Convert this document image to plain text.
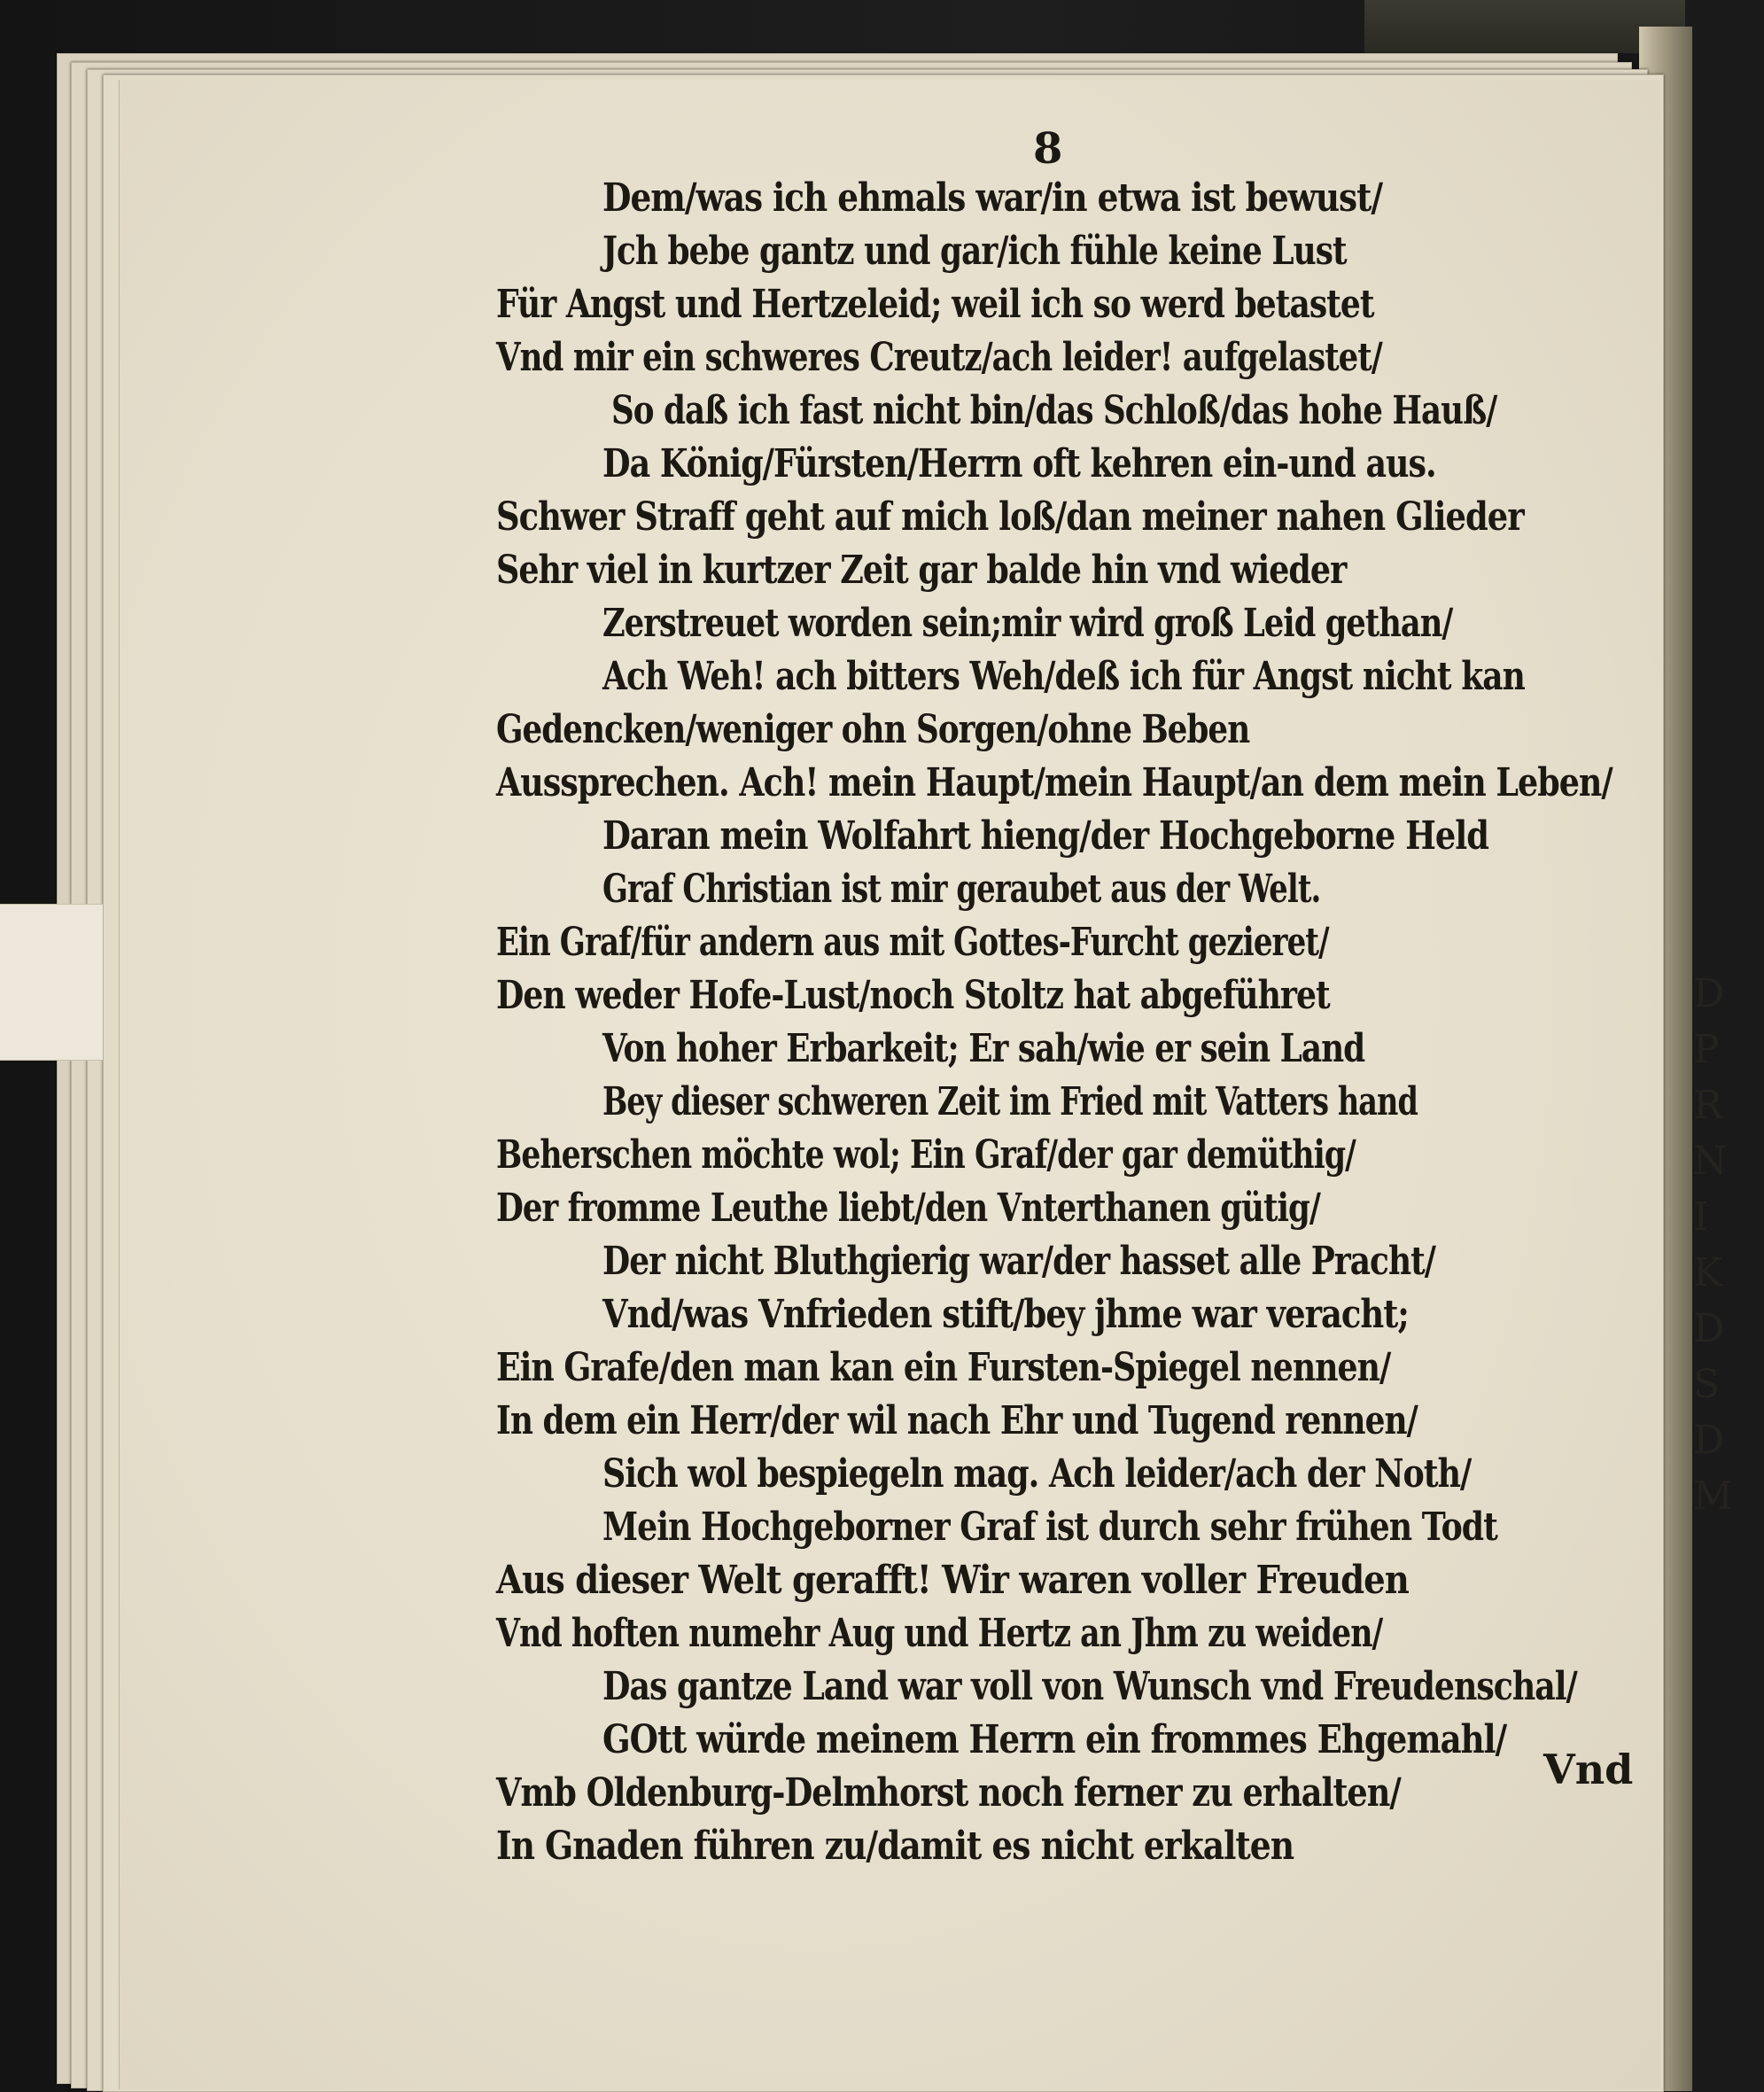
D
P
R
N
I
K
D
S
D
M
8
Dem/was ich ehmals war/in etwa ist bewust/
Jch bebe gantz und gar/ich fühle keine Lust
Für Angst und Hertzeleid; weil ich so werd betastet
Vnd mir ein schweres Creutz/ach leider! aufgelastet/
So daß ich fast nicht bin/das Schloß/das hohe Hauß/
Da König/Fürsten/Herrn oft kehren ein-und aus.
Schwer Straff geht auf mich loß/dan meiner nahen Glieder
Sehr viel in kurtzer Zeit gar balde hin vnd wieder
Zerstreuet worden sein;mir wird groß Leid gethan/
Ach Weh! ach bitters Weh/deß ich für Angst nicht kan
Gedencken/weniger ohn Sorgen/ohne Beben
Aussprechen. Ach! mein Haupt/mein Haupt/an dem mein Leben/
Daran mein Wolfahrt hieng/der Hochgeborne Held
Graf Christian ist mir geraubet aus der Welt.
Ein Graf/für andern aus mit Gottes-Furcht gezieret/
Den weder Hofe-Lust/noch Stoltz hat abgeführet
Von hoher Erbarkeit; Er sah/wie er sein Land
Bey dieser schweren Zeit im Fried mit Vatters hand
Beherschen möchte wol; Ein Graf/der gar demüthig/
Der fromme Leuthe liebt/den Vnterthanen gütig/
Der nicht Bluthgierig war/der hasset alle Pracht/
Vnd/was Vnfrieden stift/bey jhme war veracht;
Ein Grafe/den man kan ein Fursten-Spiegel nennen/
In dem ein Herr/der wil nach Ehr und Tugend rennen/
Sich wol bespiegeln mag. Ach leider/ach der Noth/
Mein Hochgeborner Graf ist durch sehr frühen Todt
Aus dieser Welt gerafft! Wir waren voller Freuden
Vnd hoften numehr Aug und Hertz an Jhm zu weiden/
Das gantze Land war voll von Wunsch vnd Freudenschal/
GOtt würde meinem Herrn ein frommes Ehgemahl/
Vmb Oldenburg-Delmhorst noch ferner zu erhalten/
In Gnaden führen zu/damit es nicht erkalten
Vnd
